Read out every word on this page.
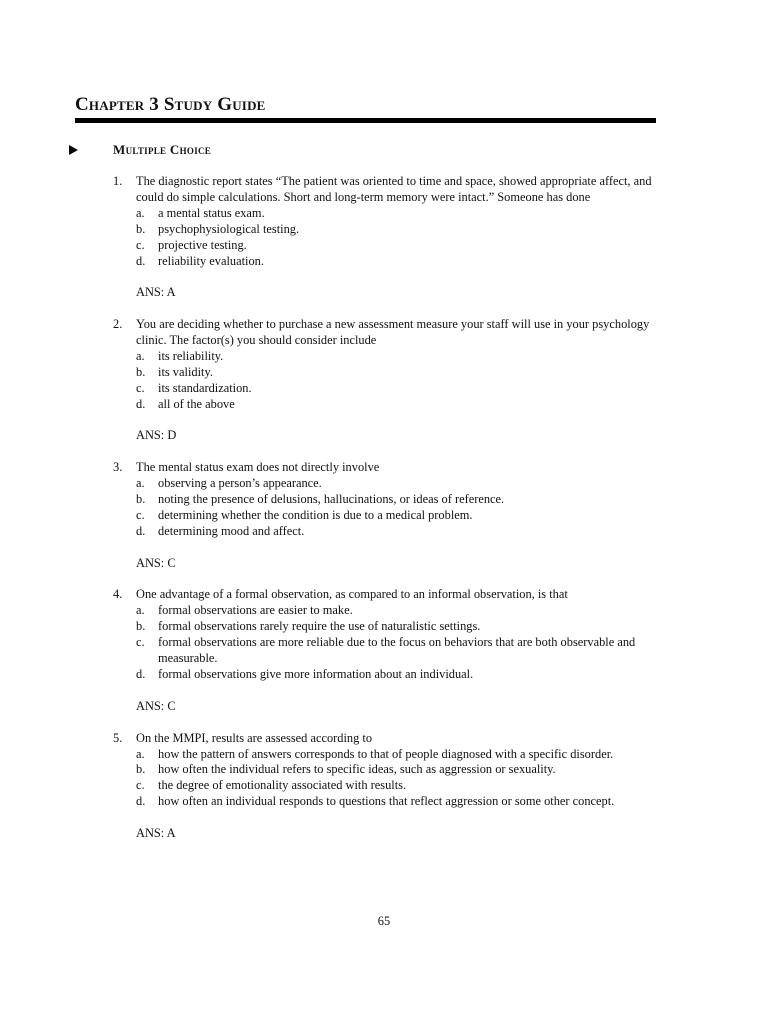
Chapter 3 Study Guide
Multiple Choice
1.	The diagnostic report states “The patient was oriented to time and space, showed appropriate affect, and could do simple calculations. Short and long-term memory were intact.” Someone has done
a.	a mental status exam.
b.	psychophysiological testing.
c.	projective testing.
d.	reliability evaluation.
ANS: A
2.	You are deciding whether to purchase a new assessment measure your staff will use in your psychology clinic. The factor(s) you should consider include
a.	its reliability.
b.	its validity.
c.	its standardization.
d.	all of the above
ANS: D
3.	The mental status exam does not directly involve
a.	observing a person’s appearance.
b.	noting the presence of delusions, hallucinations, or ideas of reference.
c.	determining whether the condition is due to a medical problem.
d.	determining mood and affect.
ANS: C
4.	One advantage of a formal observation, as compared to an informal observation, is that
a.	formal observations are easier to make.
b.	formal observations rarely require the use of naturalistic settings.
c.	formal observations are more reliable due to the focus on behaviors that are both observable and measurable.
d.	formal observations give more information about an individual.
ANS: C
5.	On the MMPI, results are assessed according to
a.	how the pattern of answers corresponds to that of people diagnosed with a specific disorder.
b.	how often the individual refers to specific ideas, such as aggression or sexuality.
c.	the degree of emotionality associated with results.
d.	how often an individual responds to questions that reflect aggression or some other concept.
ANS: A
65
